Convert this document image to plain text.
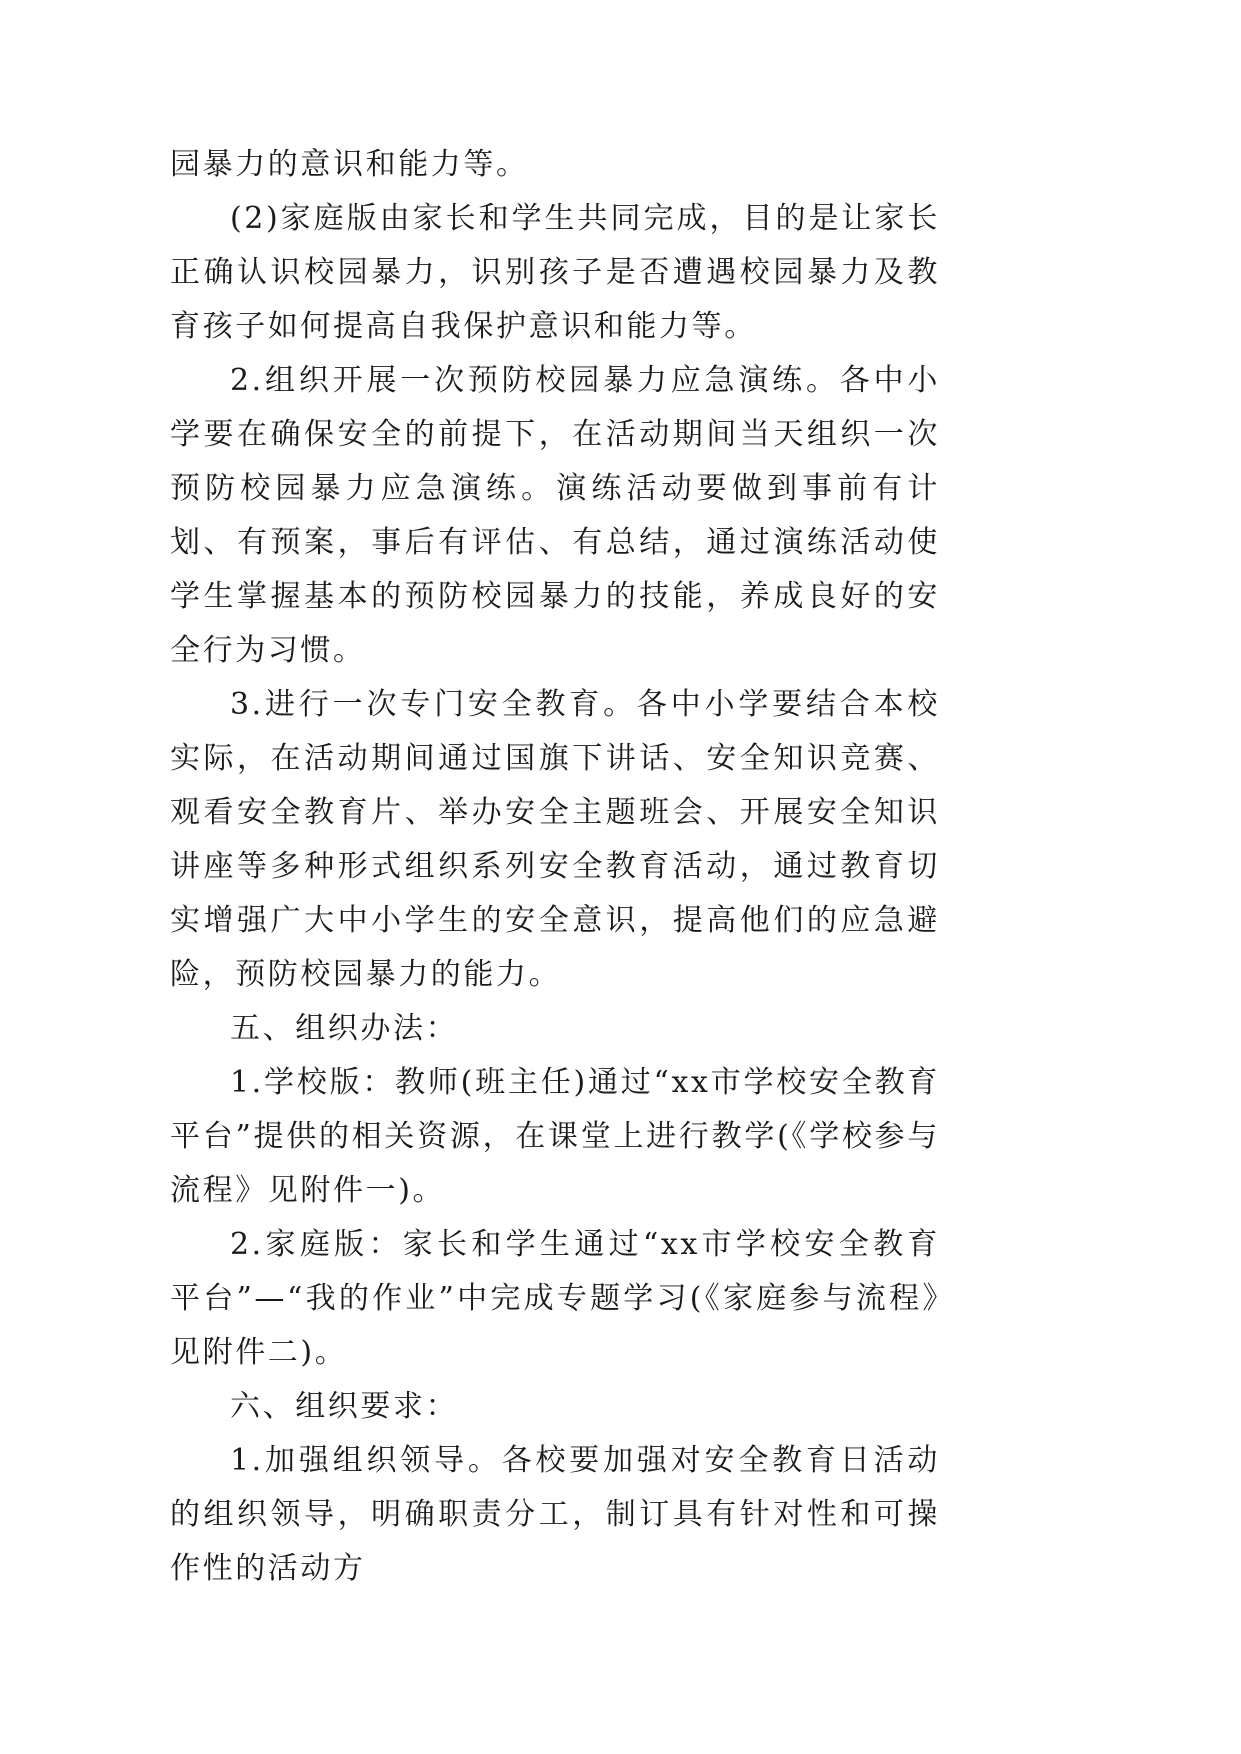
园暴力的意识和能力等。

(2)家庭版由家长和学生共同完成，目的是让家长正确认识校园暴力，识别孩子是否遭遇校园暴力及教育孩子如何提高自我保护意识和能力等。

2.组织开展一次预防校园暴力应急演练。各中小学要在确保安全的前提下，在活动期间当天组织一次预防校园暴力应急演练。演练活动要做到事前有计划、有预案，事后有评估、有总结，通过演练活动使学生掌握基本的预防校园暴力的技能，养成良好的安全行为习惯。

3.进行一次专门安全教育。各中小学要结合本校实际，在活动期间通过国旗下讲话、安全知识竞赛、观看安全教育片、举办安全主题班会、开展安全知识讲座等多种形式组织系列安全教育活动，通过教育切实增强广大中小学生的安全意识，提高他们的应急避险，预防校园暴力的能力。

五、组织办法：

1.学校版：教师(班主任)通过“xx市学校安全教育平台”提供的相关资源，在课堂上进行教学(《学校参与流程》见附件一)。

2.家庭版：家长和学生通过“xx市学校安全教育平台”—“我的作业”中完成专题学习(《家庭参与流程》见附件二)。

六、组织要求：

1.加强组织领导。各校要加强对安全教育日活动的组织领导，明确职责分工，制订具有针对性和可操作性的活动方
